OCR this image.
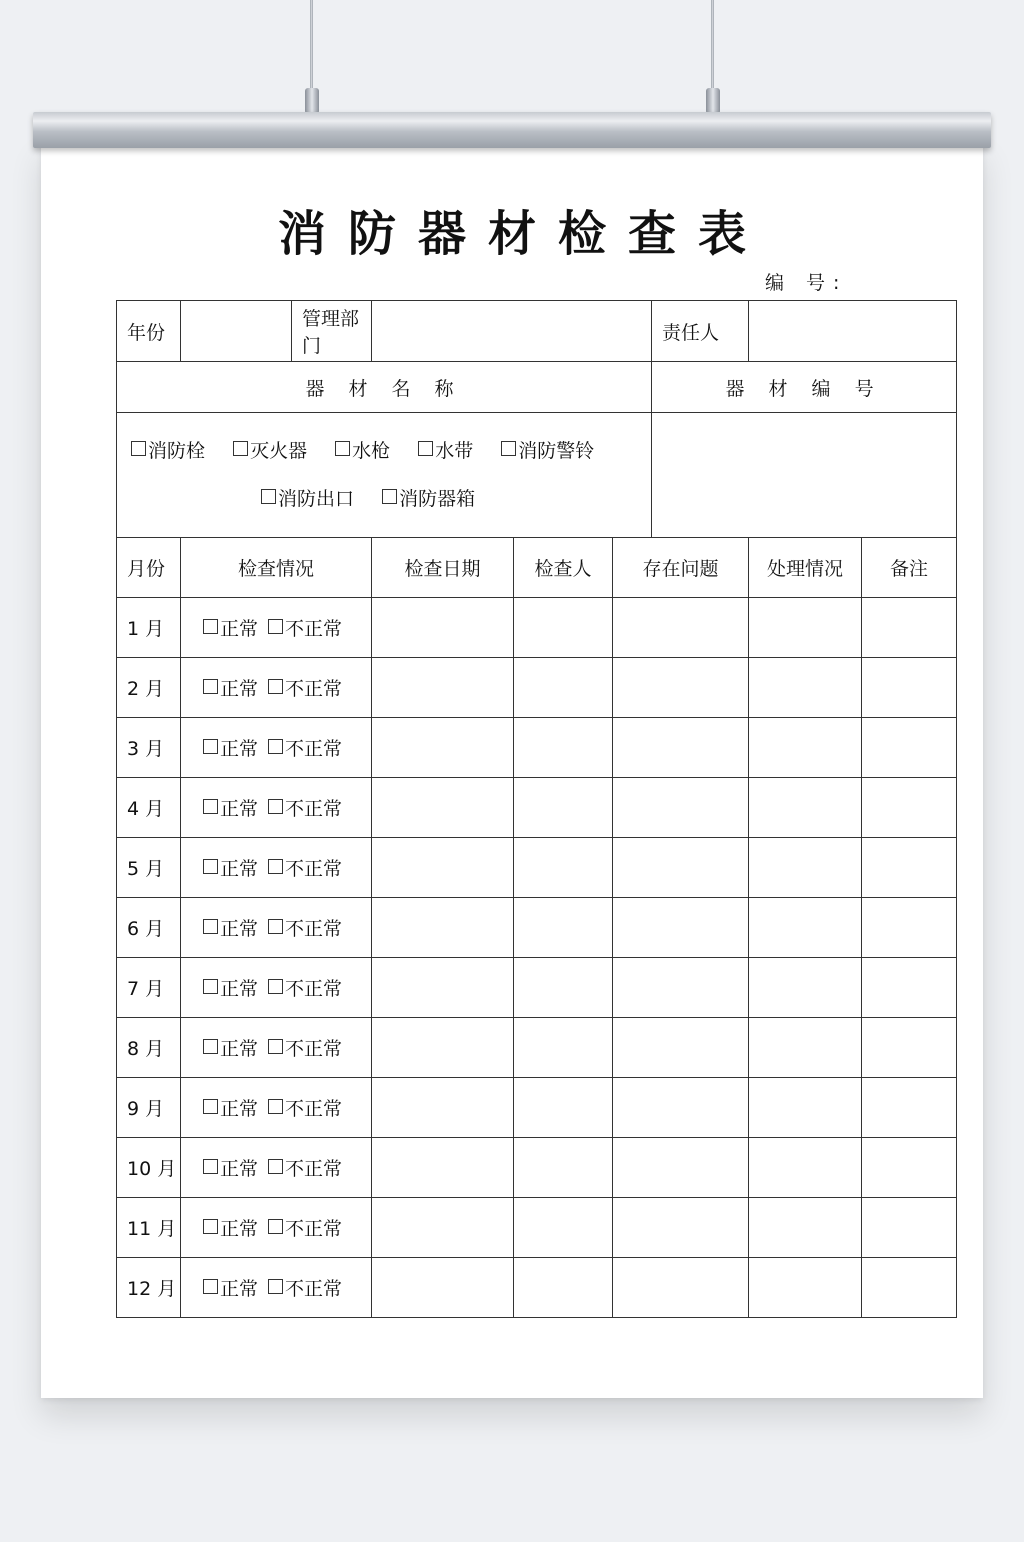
消防器材检查表
编 号:
年份		管理部门				责任人		
器 材 名 称						器 材 编 号		

消防栓 灭火器 水枪 水带 消防警铃
消防出口 消防器箱								

月份	检查情况		检查日期	检查人	存在问题		处理情况	备注
1 月	正常 不正常							
2 月	正常 不正常							
3 月	正常 不正常							
4 月	正常 不正常							
5 月	正常 不正常							
6 月	正常 不正常							
7 月	正常 不正常							
8 月	正常 不正常							
9 月	正常 不正常							
10 月	正常 不正常							
11 月	正常 不正常							
12 月	正常 不正常							
